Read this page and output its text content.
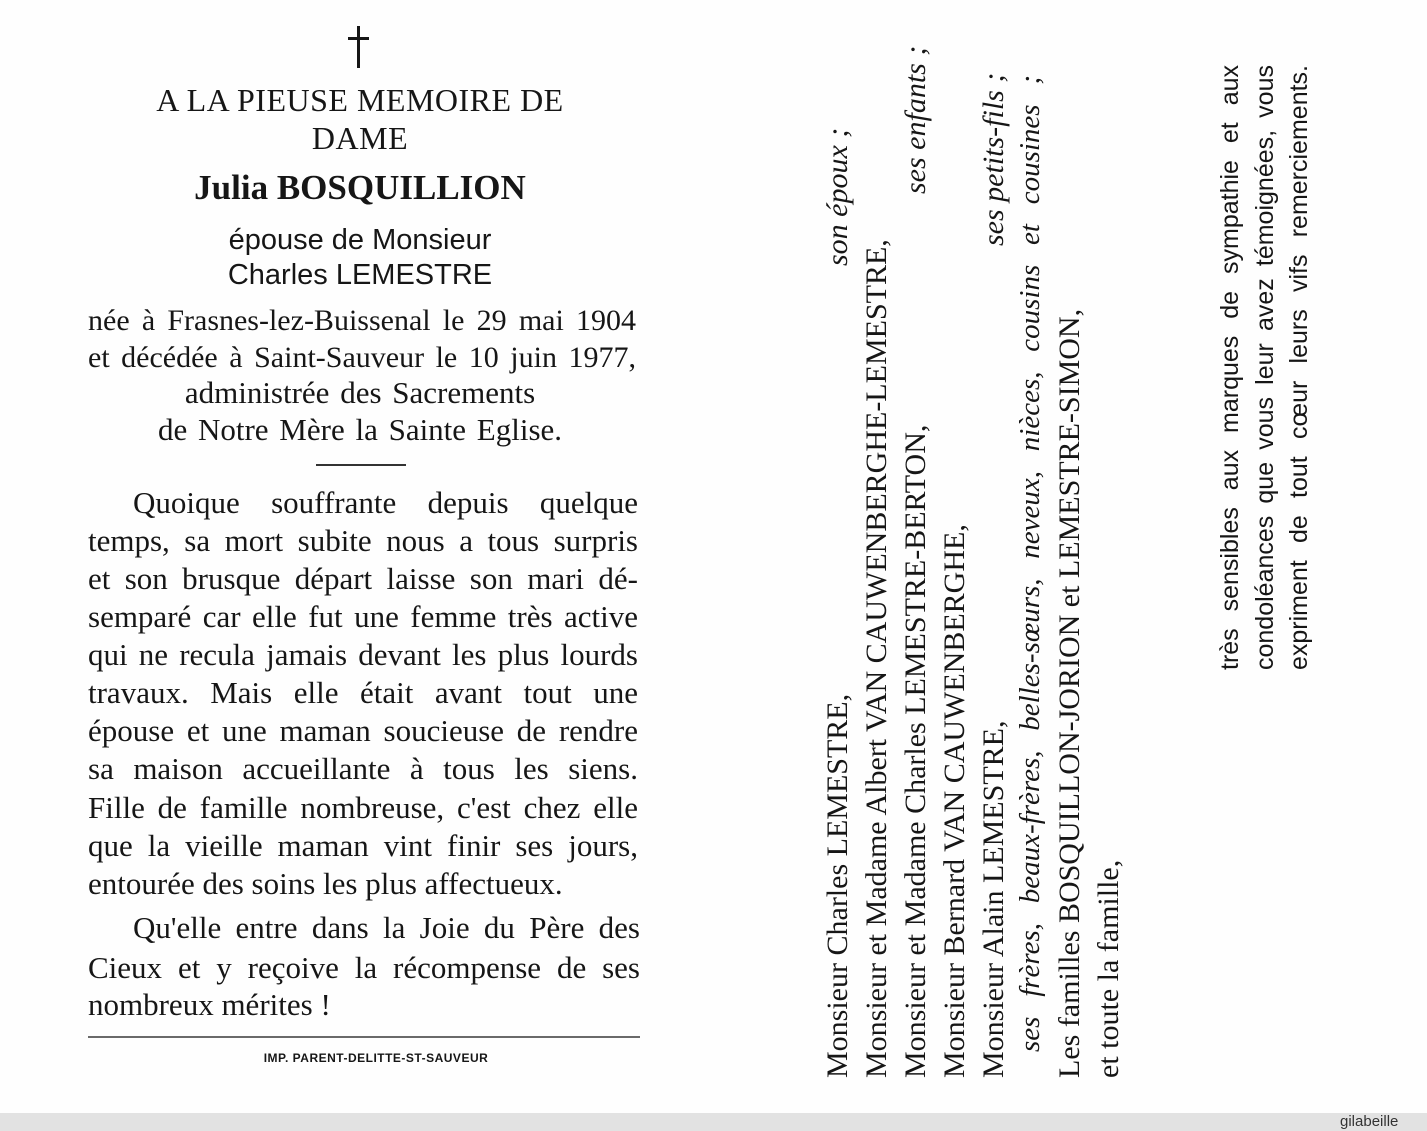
A LA PIEUSE MEMOIRE DE
DAME
Julia BOSQUILLION
épouse de Monsieur
Charles LEMESTRE
née à Frasnes-lez-Buissenal le 29 mai 1904
et décédée à Saint-Sauveur le 10 juin 1977,
administrée des Sacrements
de Notre Mère la Sainte Eglise.
Quoique souffrante depuis quelque
temps, sa mort subite nous a tous surpris
et son brusque départ laisse son mari dé-
semparé car elle fut une femme très active
qui ne recula jamais devant les plus lourds
travaux. Mais elle était avant tout une
épouse et une maman soucieuse de rendre
sa maison accueillante à tous les siens.
Fille de famille nombreuse, c'est chez elle
que la vieille maman vint finir ses jours,
entourée des soins les plus affectueux.
Qu'elle entre dans la Joie du Père des
Cieux et y reçoive la récompense de ses
nombreux mérites !
IMP. PARENT-DELITTE-ST-SAUVEUR	Monsieur Charles LEMESTRE,
son époux ;
Monsieur et Madame Albert VAN CAUWENBERGHE-LEMESTRE, Monsieur et Madame Charles LEMESTRE-BERTON,
ses enfants ;
Monsieur Bernard VAN CAUWENBERGHE, Monsieur Alain LEMESTRE,
ses petits-fils ; ses frères, beaux-frères, belles-sœurs, neveux, nièces, cousins et cousines ; Les familles BOSQUILLON-JORION et LEMESTRE-SIMON, et toute la famille,
très sensibles aux marques de sympathie et aux condoléances que vous leur avez témoignées, vous expriment de tout cœur leurs vifs remerciements.
gilabeille
